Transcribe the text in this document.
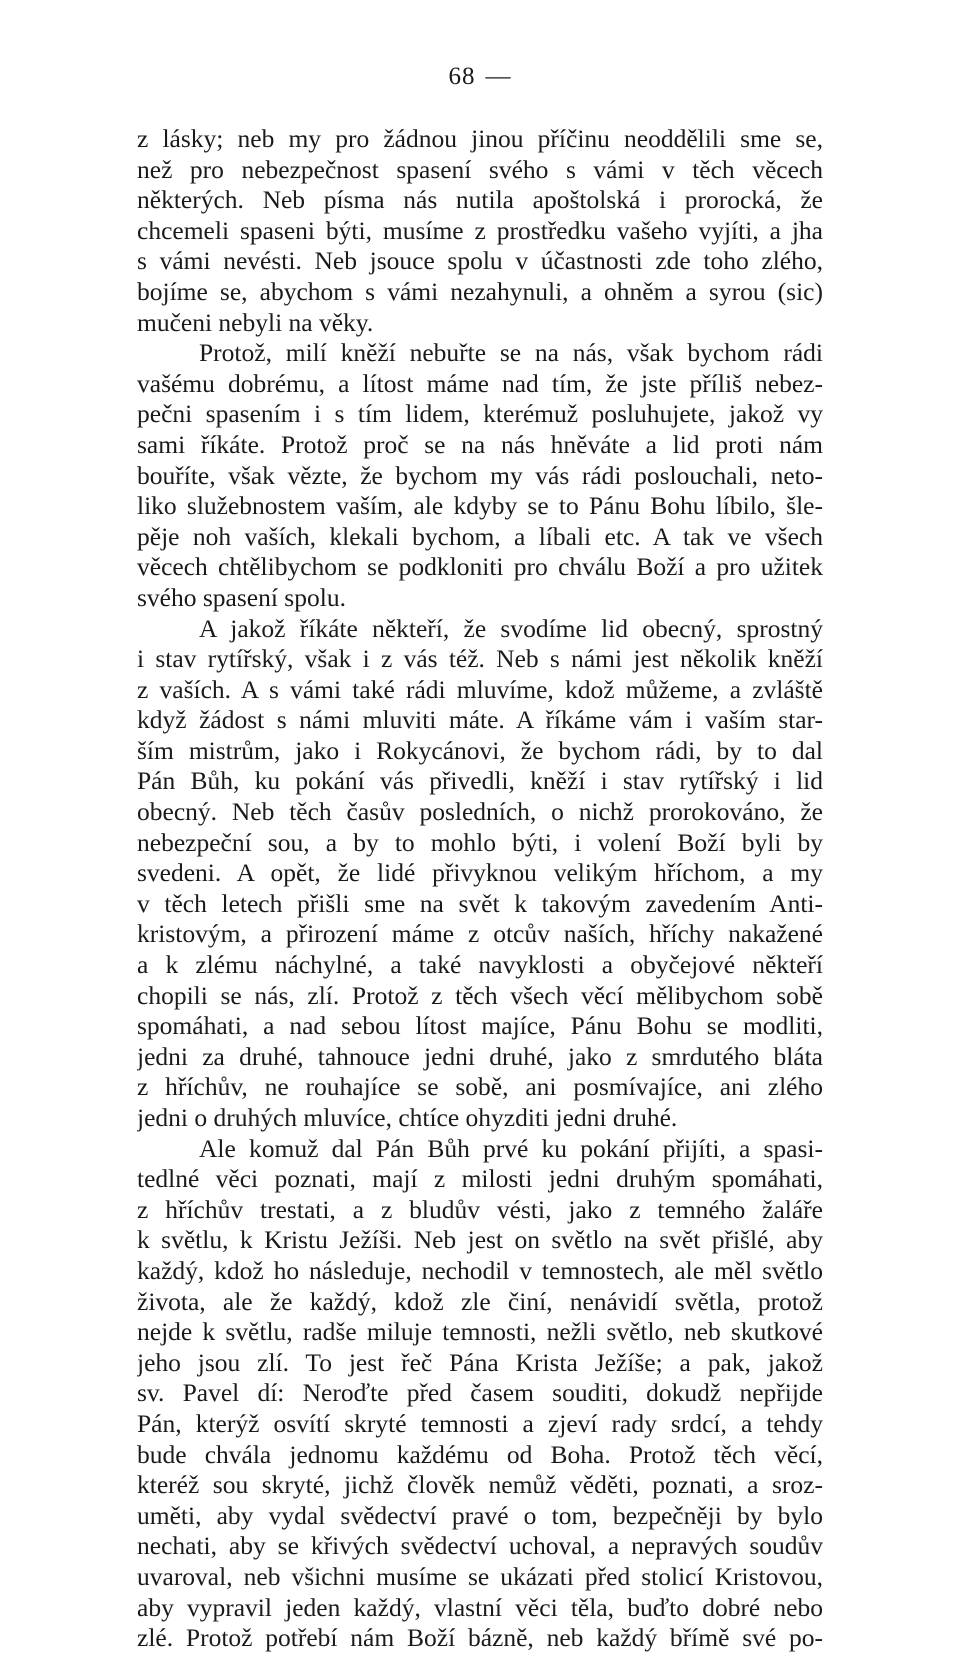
68 —
z lásky; neb my pro žádnou jinou příčinu neoddělili sme se,
než pro nebezpečnost spasení svého s vámi v těch věcech
některých. Neb písma nás nutila apoštolská i prorocká, že
chcemeli spaseni býti, musíme z prostředku vašeho vyjíti, a jha
s vámi nevésti. Neb jsouce spolu v účastnosti zde toho zlého,
bojíme se, abychom s vámi nezahynuli, a ohněm a syrou (sic)
mučeni nebyli na věky.
Protož, milí kněží nebuřte se na nás, však bychom rádi
vašému dobrému, a lítost máme nad tím, že jste příliš nebez-
pečni spasením i s tím lidem, kterémuž posluhujete, jakož vy
sami říkáte. Protož proč se na nás hněváte a lid proti nám
bouříte, však vězte, že bychom my vás rádi poslouchali, neto-
liko služebnostem vaším, ale kdyby se to Pánu Bohu líbilo, šle-
pěje noh vaších, klekali bychom, a líbali etc. A tak ve všech
věcech chtělibychom se podkloniti pro chválu Boží a pro užitek
svého spasení spolu.
A jakož říkáte někteří, že svodíme lid obecný, sprostný
i stav rytířský, však i z vás též. Neb s námi jest několik kněží
z vaších. A s vámi také rádi mluvíme, kdož můžeme, a zvláště
když žádost s námi mluviti máte. A říkáme vám i vaším star-
ším mistrům, jako i Rokycánovi, že bychom rádi, by to dal
Pán Bůh, ku pokání vás přivedli, kněží i stav rytířský i lid
obecný. Neb těch časův posledních, o nichž prorokováno, že
nebezpeční sou, a by to mohlo býti, i volení Boží byli by
svedeni. A opět, že lidé přivyknou velikým hříchom, a my
v těch letech přišli sme na svět k takovým zavedením Anti-
kristovým, a přirození máme z otcův naších, hříchy nakažené
a k zlému náchylné, a také navyklosti a obyčejové někteří
chopili se nás, zlí. Protož z těch všech věcí mělibychom sobě
spomáhati, a nad sebou lítost majíce, Pánu Bohu se modliti,
jedni za druhé, tahnouce jedni druhé, jako z smrdutého bláta
z hříchův, ne rouhajíce se sobě, ani posmívajíce, ani zlého
jedni o druhých mluvíce, chtíce ohyzditi jedni druhé.
Ale komuž dal Pán Bůh prvé ku pokání přijíti, a spasi-
tedlné věci poznati, mají z milosti jedni druhým spomáhati,
z hříchův trestati, a z bludův vésti, jako z temného žaláře
k světlu, k Kristu Ježíši. Neb jest on světlo na svět přišlé, aby
každý, kdož ho následuje, nechodil v temnostech, ale měl světlo
života, ale že každý, kdož zle činí, nenávidí světla, protož
nejde k světlu, radše miluje temnosti, nežli světlo, neb skutkové
jeho jsou zlí. To jest řeč Pána Krista Ježíše; a pak, jakož
sv. Pavel dí: Neroďte před časem souditi, dokudž nepřijde
Pán, kterýž osvítí skryté temnosti a zjeví rady srdcí, a tehdy
bude chvála jednomu každému od Boha. Protož těch věcí,
kteréž sou skryté, jichž člověk nemůž věděti, poznati, a sroz-
uměti, aby vydal svědectví pravé o tom, bezpečněji by bylo
nechati, aby se křivých svědectví uchoval, a nepravých soudův
uvaroval, neb všichni musíme se ukázati před stolicí Kristovou,
aby vypravil jeden každý, vlastní věci těla, buďto dobré nebo
zlé. Protož potřebí nám Boží bázně, neb každý břímě své po-
